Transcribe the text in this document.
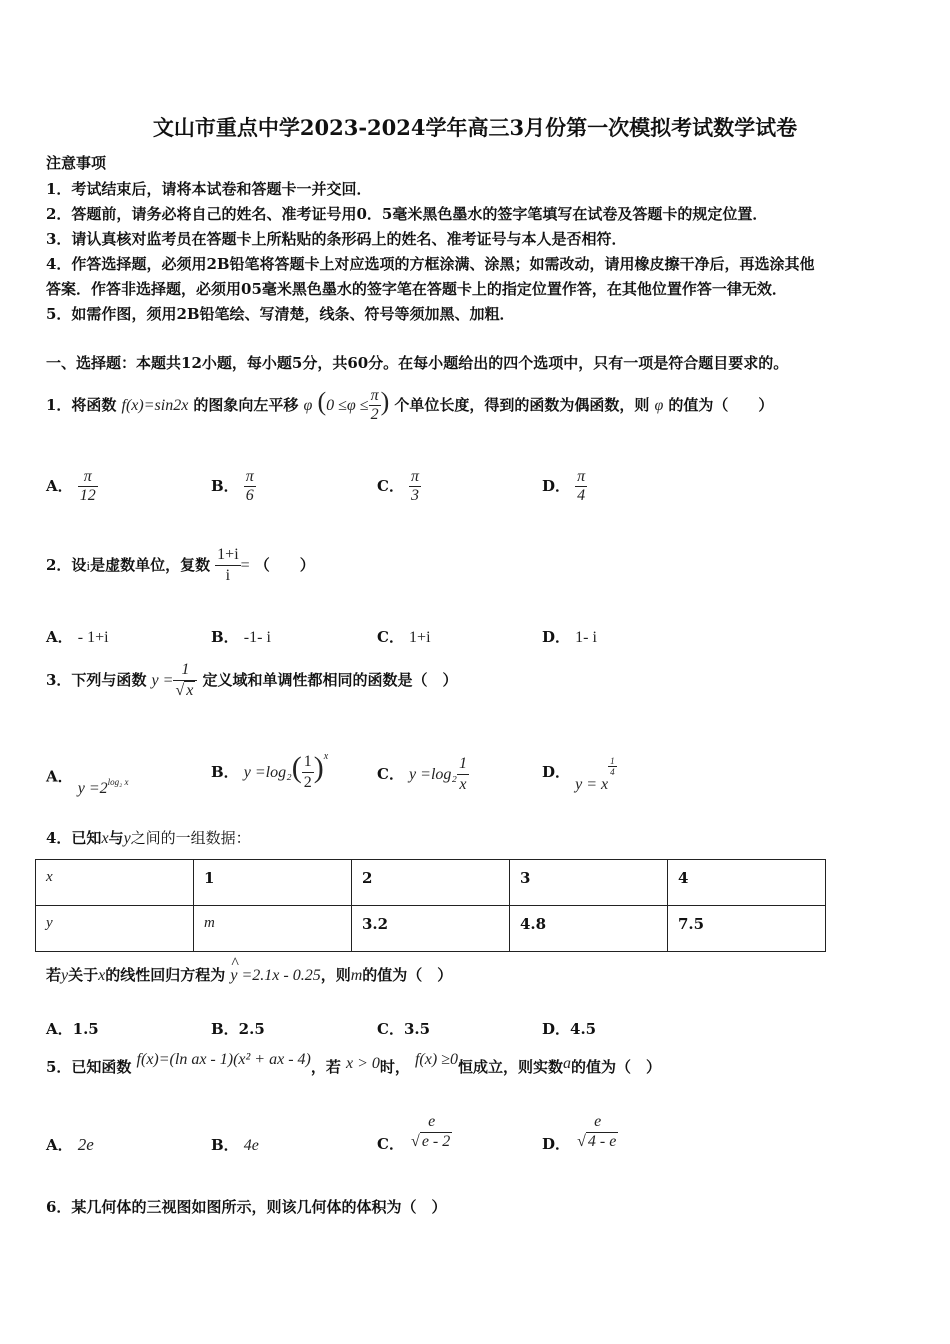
文山市重点中学2023-2024学年高三3月份第一次模拟考试数学试卷
注意事项
1．考试结束后，请将本试卷和答题卡一并交回．
2．答题前，请务必将自己的姓名、准考证号用0．5毫米黑色墨水的签字笔填写在试卷及答题卡的规定位置．
3．请认真核对监考员在答题卡上所粘贴的条形码上的姓名、准考证号与本人是否相符．
4．作答选择题，必须用2B铅笔将答题卡上对应选项的方框涂满、涂黑；如需改动，请用橡皮擦干净后，再选涂其他
答案．作答非选择题，必须用05毫米黑色墨水的签字笔在答题卡上的指定位置作答，在其他位置作答一律无效．
5．如需作图，须用2B铅笔绘、写清楚，线条、符号等须加黑、加粗．
一、选择题：本题共12小题，每小题5分，共60分。在每小题给出的四个选项中，只有一项是符合题目要求的。
1．将函数 f(x)=sin2x 的图象向左平移 φ ($0 \le\varphi \le \frac{\pi}{2}$ ) 个单位长度，得到的函数为偶函数，则 φ 的值为（　　）
A． $\frac{\pi}{12}$	B． $\frac{\pi}{6}$	C． $\frac{\pi}{3}$	D． $\frac{\pi}{4}$
2．设i是虚数单位，复数 $\frac{1+i}{i}$ = （　　）
A． - 1+i	B． -1- i	C． 1+i	D． 1- i
3．下列与函数 $y = \frac{1}{√ x}$ 定义域和单调性都相同的函数是（　）
A． $y =2^{log_2 x}$
B． $y =\log_2( \frac{1}{2} )^x$
C． $y =\log_2 \frac{1}{x}$	D． y = x
$\frac{1}{4}$
4．已知x与y之间的一组数据：
x	1	2	3	4
y	m	3.2	4.8	7.5
若y关于x的线性回归方程为
^
y =2.1x - 0.25，则m的值为（　）
A．1.5	B．2.5	C．3.5	D．4.5
5．已知函数 f(x)=(ln ax - 1)(x² + ax - 4)，若 x > 0时， f(x) ≥0恒成立，则实数a的值为（　）
A． 2e	B． 4e	C．
e
√ e - 2	D．
e
√ 4 - e
6．某几何体的三视图如图所示，则该几何体的体积为（　）
